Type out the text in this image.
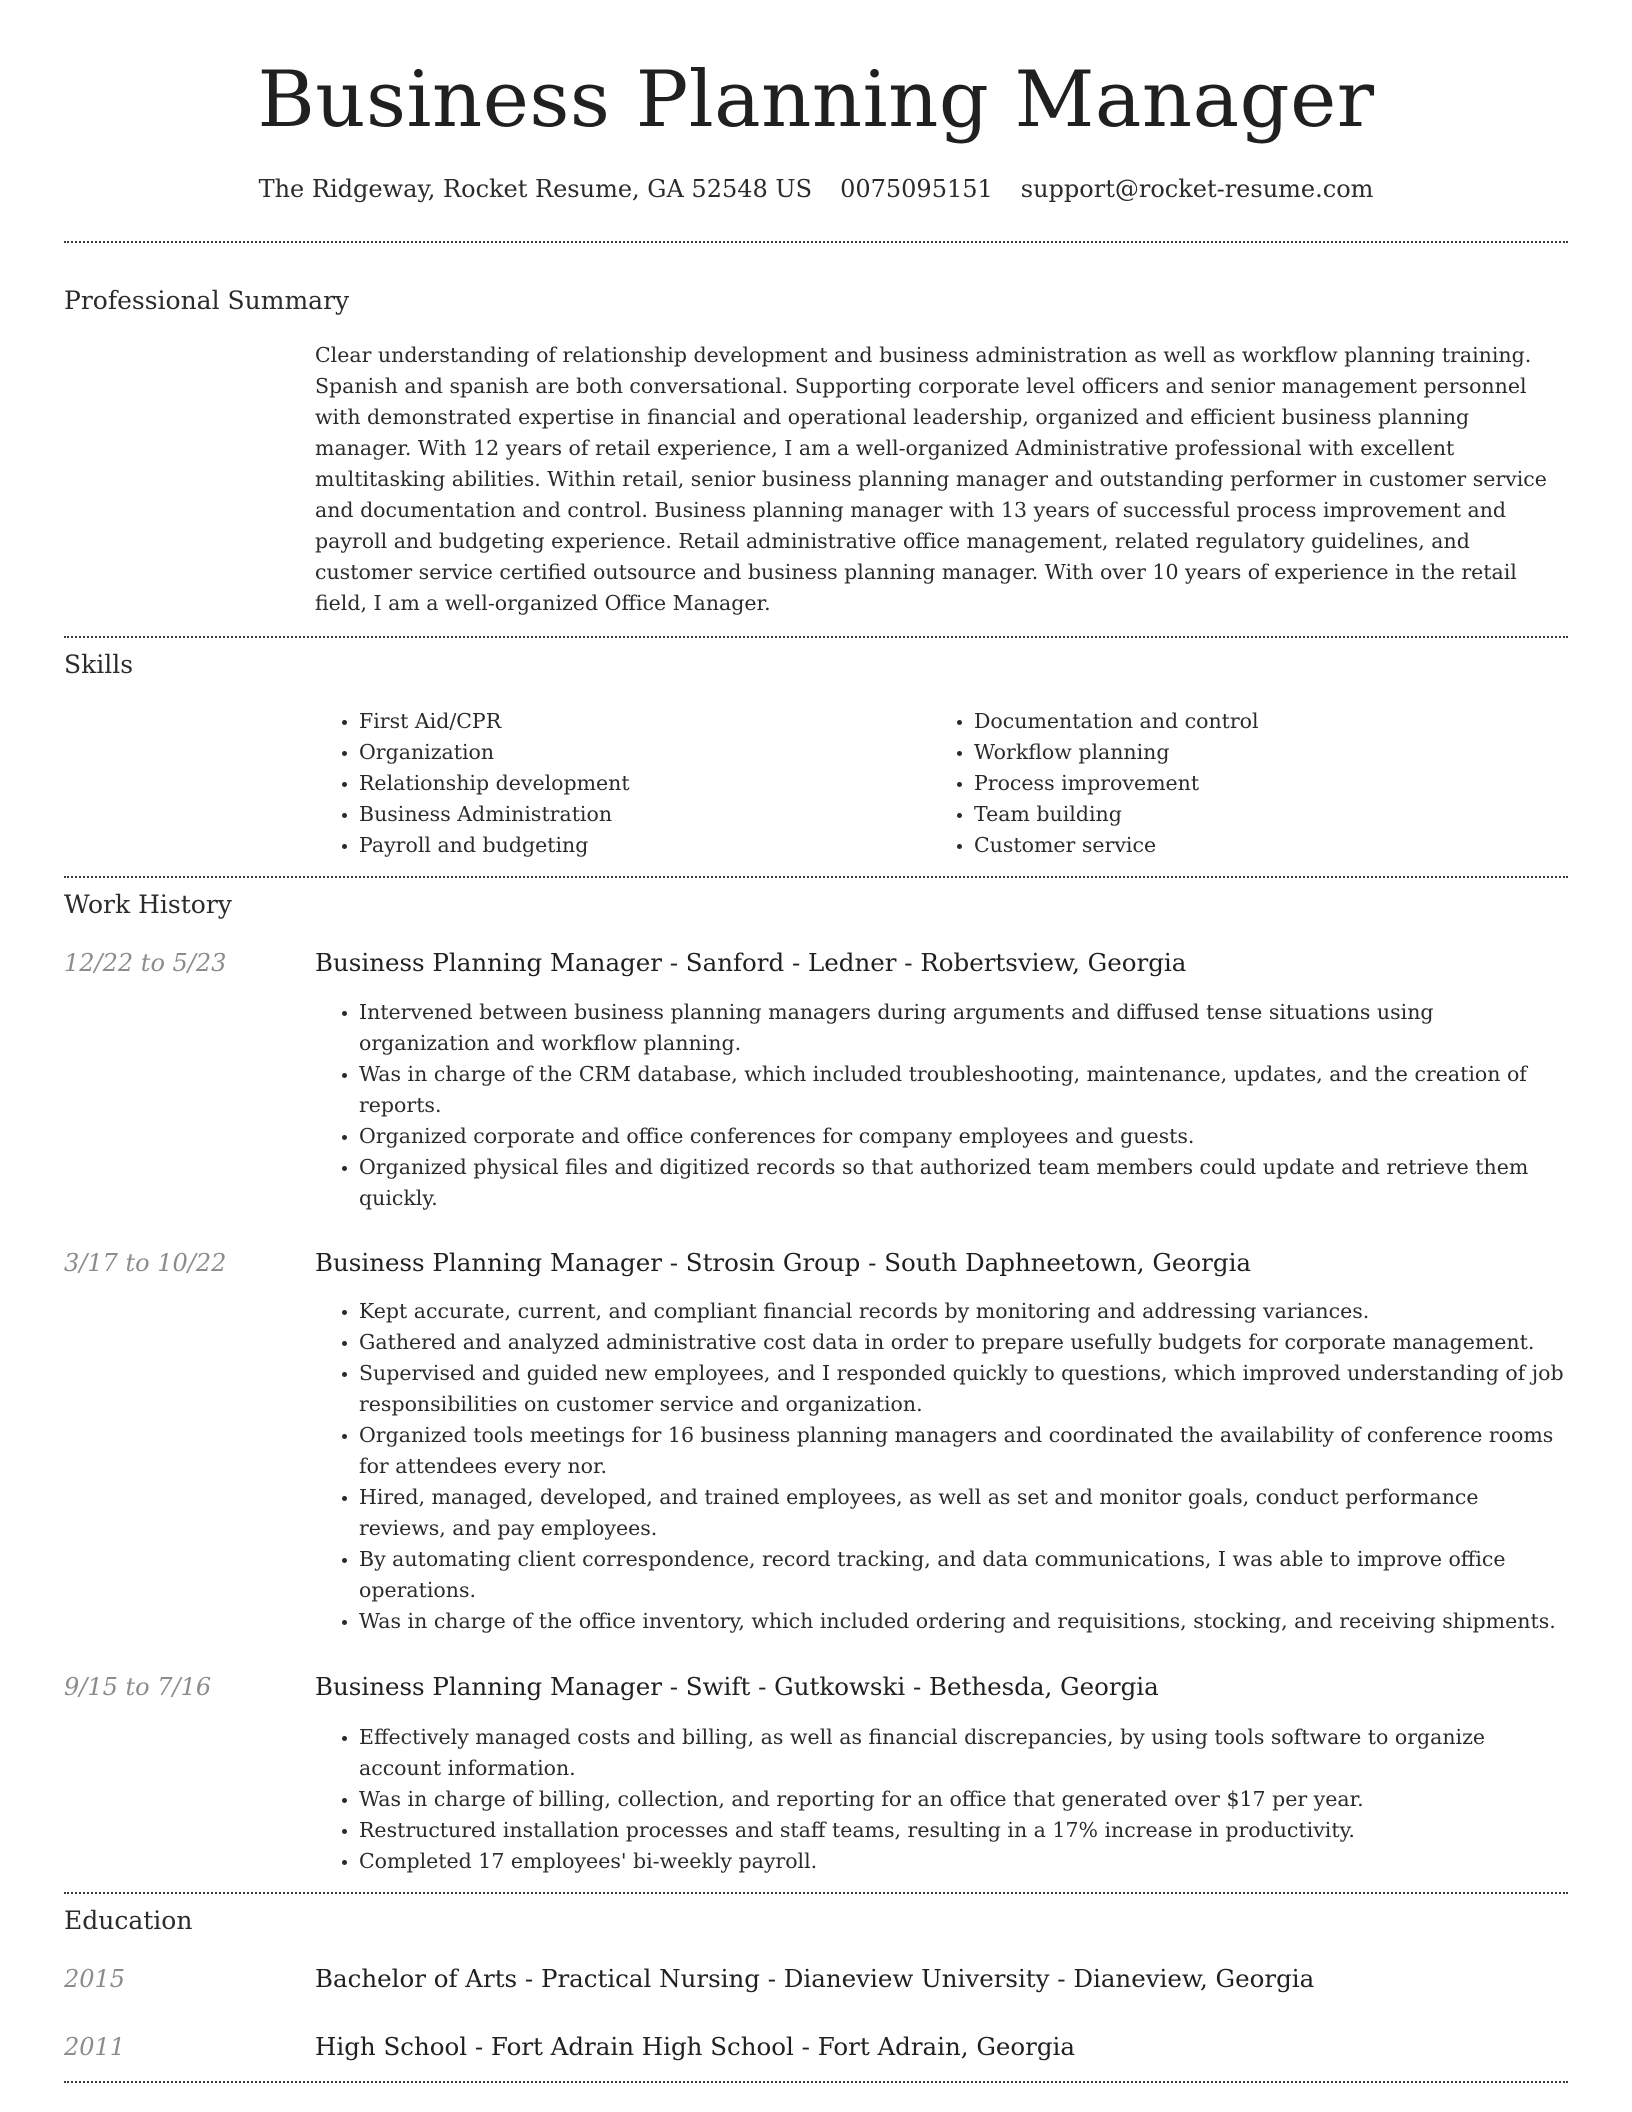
Business Planning Manager
The Ridgeway, Rocket Resume, GA 52548 US 0075095151 support@rocket-resume.com
Professional Summary

Clear understanding of relationship development and business administration as well as workflow planning training. Spanish and spanish are both conversational. Supporting corporate level officers and senior management personnel with demonstrated expertise in financial and operational leadership, organized and efficient business planning manager. With 12 years of retail experience, I am a well-organized Administrative professional with excellent multitasking abilities. Within retail, senior business planning manager and outstanding performer in customer service and documentation and control. Business planning manager with 13 years of successful process improvement and payroll and budgeting experience. Retail administrative office management, related regulatory guidelines, and customer service certified outsource and business planning manager. With over 10 years of experience in the retail field, I am a well-organized Office Manager.

Skills
• First Aid/CPR
• Organization
• Relationship development
• Business Administration
• Payroll and budgeting
• Documentation and control
• Workflow planning
• Process improvement
• Team building
• Customer service
Work History
12/22 to 5/23	Business Planning Manager - Sanford - Ledner - Robertsview, Georgia
• Intervened between business planning managers during arguments and diffused tense situations using organization and workflow planning.
• Was in charge of the CRM database, which included troubleshooting, maintenance, updates, and the creation of reports.
• Organized corporate and office conferences for company employees and guests.
• Organized physical files and digitized records so that authorized team members could update and retrieve them quickly.
3/17 to 10/22	Business Planning Manager - Strosin Group - South Daphneetown, Georgia
• Kept accurate, current, and compliant financial records by monitoring and addressing variances.
• Gathered and analyzed administrative cost data in order to prepare usefully budgets for corporate management.
• Supervised and guided new employees, and I responded quickly to questions, which improved understanding of job responsibilities on customer service and organization.
• Organized tools meetings for 16 business planning managers and coordinated the availability of conference rooms for attendees every nor.
• Hired, managed, developed, and trained employees, as well as set and monitor goals, conduct performance reviews, and pay employees.
• By automating client correspondence, record tracking, and data communications, I was able to improve office operations.
• Was in charge of the office inventory, which included ordering and requisitions, stocking, and receiving shipments.
9/15 to 7/16	Business Planning Manager - Swift - Gutkowski - Bethesda, Georgia
• Effectively managed costs and billing, as well as financial discrepancies, by using tools software to organize account information.
• Was in charge of billing, collection, and reporting for an office that generated over $17 per year.
• Restructured installation processes and staff teams, resulting in a 17% increase in productivity.
• Completed 17 employees' bi-weekly payroll.
Education
2015	Bachelor of Arts - Practical Nursing - Dianeview University - Dianeview, Georgia
2011	High School - Fort Adrain High School - Fort Adrain, Georgia
